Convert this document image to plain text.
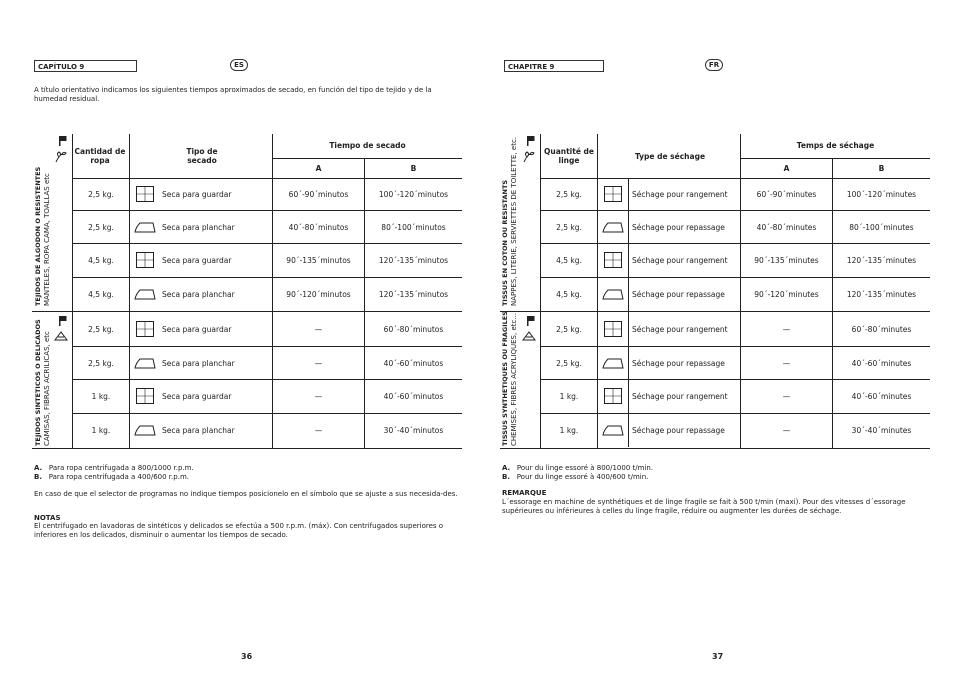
CAPÍTULO 9	ES
A título orientativo indicamos los siguientes tiempos aproximados de secado, en función del tipo de tejido y de la humedad residual.
Cantidad de ropa
Tipo de secado
Tiempo de secado
A	B
TEJIDOS DE ALGODON O RESISTENTES
MANTELES, ROPA CAMA, TOALLAS etc
TEJIDOS SINTETICOS O DELICADOS
CAMISAS, FIBRAS ACRILICAS, etc
2,5 kg.	Seca para guardar	60´-90´minutos	100´-120´minutos
2,5 kg.	Seca para planchar	40´-80´minutos	80´-100´minutos
4,5 kg.	Seca para guardar	90´-135´minutos	120´-135´minutos
4,5 kg.	Seca para planchar	90´-120´minutos	120´-135´minutos
2,5 kg.	Seca para guardar	—	60´-80´minutos
2,5 kg.	Seca para planchar	—	40´-60´minutos
1 kg.	Seca para guardar	—	40´-60´minutos
1 kg.	Seca para planchar	—	30´-40´minutos
A. Para ropa centrifugada a 800/1000 r.p.m.
B. Para ropa centrifugada a 400/600 r.p.m.
En caso de que el selector de programas no indique tiempos posicionelo en el símbolo que se ajuste a sus necesida-des.
NOTAS
El centrifugado en lavadoras de sintéticos y delicados se efectúa a 500 r.p.m. (máx). Con centrifugados superiores o inferiores en los delicados, disminuir o aumentar los tiempos de secado.
36
CHAPITRE 9	FR
Quantité de linge	Type de séchage
Temps de séchage
A	B
TISSUS EN COTON OU RESISTANTS
NAPPES, LITERIE, SERVIETTES DE TOILETTE, etc.
TISSUS SYNTHETIQUES OU FRAGILES
CHEMISES, FIBRES ACRYLIQUES, etc...
2,5 kg.	Séchage pour rangement	60´-90´minutes	100´-120´minutes
2,5 kg.	Séchage pour repassage	40´-80´minutes	80´-100´minutes
4,5 kg.	Séchage pour rangement	90´-135´minutes	120´-135´minutes
4,5 kg.	Séchage pour repassage	90´-120´minutes	120´-135´minutes
2,5 kg.	Séchage pour rangement	—	60´-80´minutes
2,5 kg.	Séchage pour repassage	—	40´-60´minutes
1 kg.	Séchage pour rangement	—	40´-60´minutes
1 kg.	Séchage pour repassage	—	30´-40´minutes
A. Pour du linge essoré à 800/1000 t/min.
B. Pour du linge essoré à 400/600 t/min.
REMARQUE
L´essorage en machine de synthétiques et de linge fragile se fait à 500 t/min (maxi). Pour des vitesses d´essorage supérieures ou inférieures à celles du linge fragile, réduire ou augmenter les durées de séchage.
37
